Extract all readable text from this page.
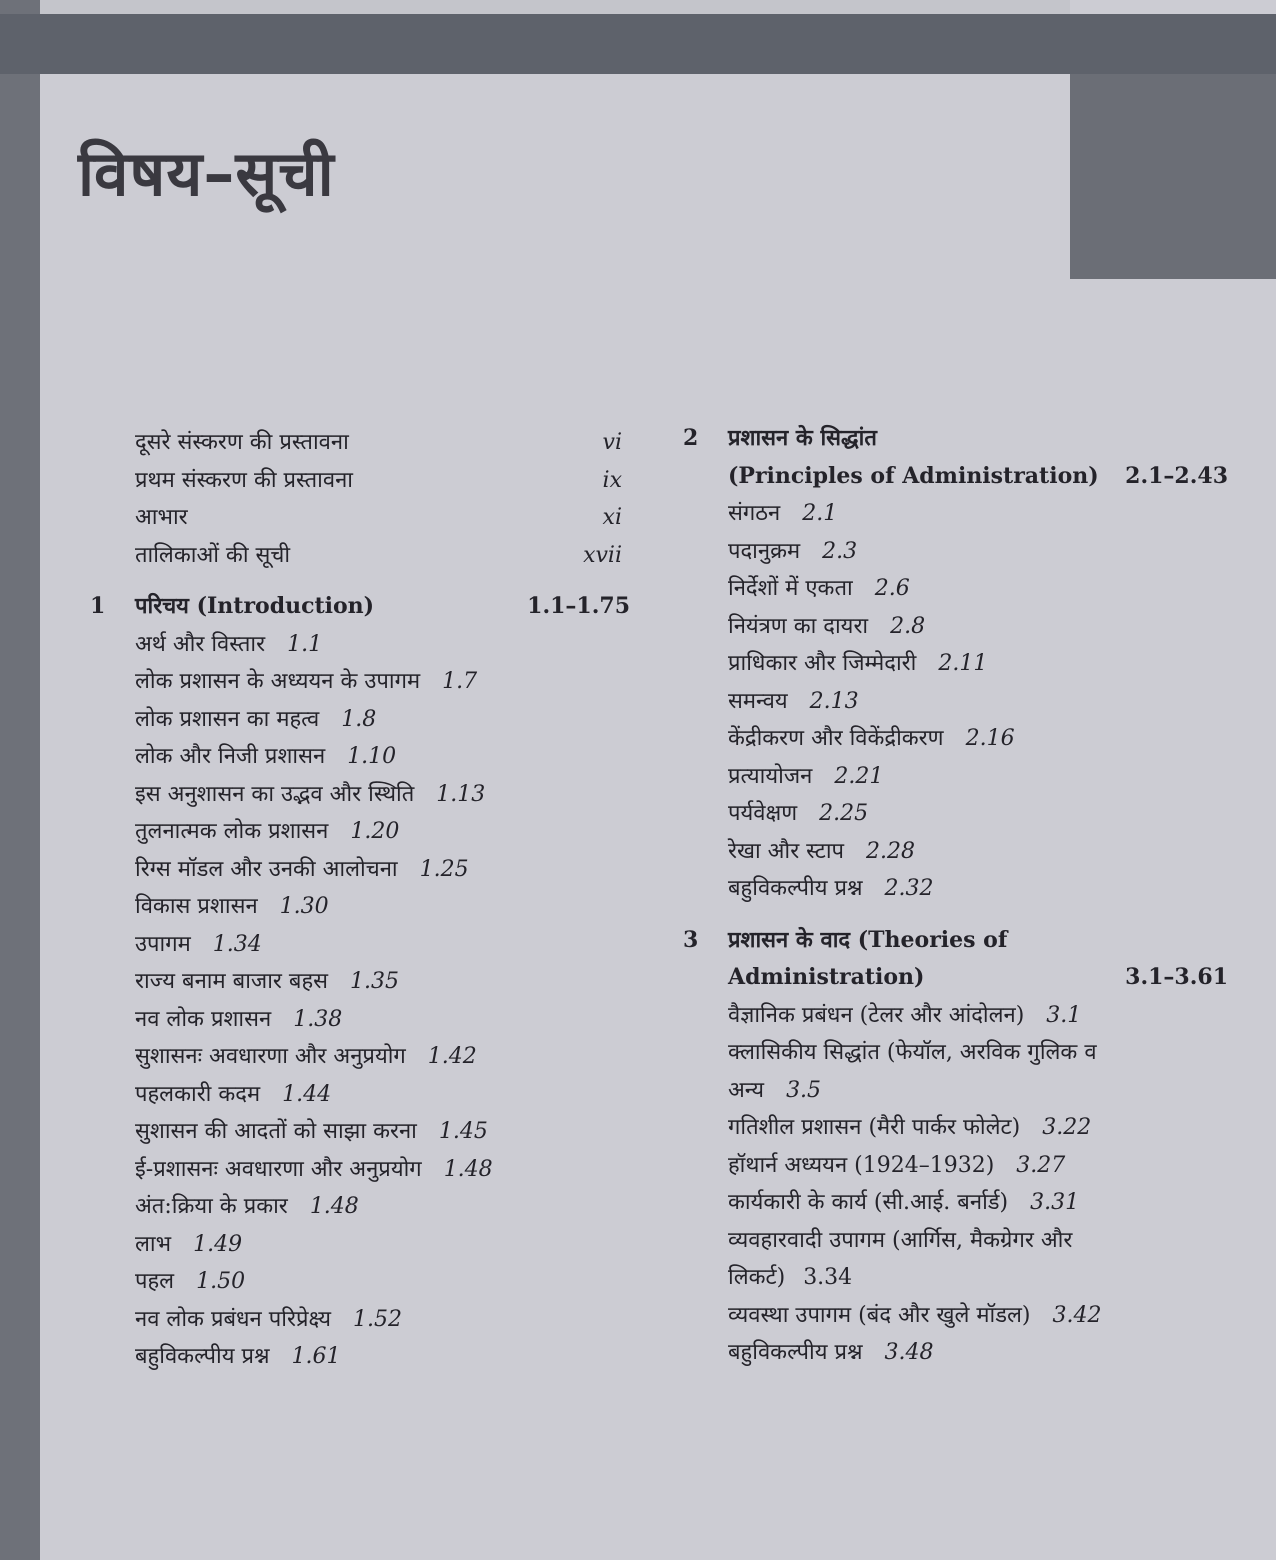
विषय–सूची
दूसरे संस्करण की प्रस्तावना	vi
प्रथम संस्करण की प्रस्तावना	ix
आभार	xi
तालिकाओं की सूची	xvii
1 परिचय (Introduction)	1.1–1.75
अर्थ और विस्तार 1.1
लोक प्रशासन के अध्ययन के उपागम 1.7
लोक प्रशासन का महत्व 1.8
लोक और निजी प्रशासन 1.10
इस अनुशासन का उद्भव और स्थिति 1.13
तुलनात्मक लोक प्रशासन 1.20
रिग्स मॉडल और उनकी आलोचना 1.25
विकास प्रशासन 1.30
उपागम 1.34
राज्य बनाम बाजार बहस 1.35
नव लोक प्रशासन 1.38
सुशासनः अवधारणा और अनुप्रयोग 1.42
पहलकारी कदम 1.44
सुशासन की आदतों को साझा करना 1.45
ई-प्रशासनः अवधारणा और अनुप्रयोग 1.48
अंत:क्रिया के प्रकार 1.48
लाभ 1.49
पहल 1.50
नव लोक प्रबंधन परिप्रेक्ष्य 1.52
बहुविकल्पीय प्रश्न 1.61
2 प्रशासन के सिद्धांत
(Principles of Administration) 2.1–2.43
संगठन 2.1
पदानुक्रम 2.3
निर्देशों में एकता 2.6
नियंत्रण का दायरा 2.8
प्राधिकार और जिम्मेदारी 2.11
समन्वय 2.13
केंद्रीकरण और विकेंद्रीकरण 2.16
प्रत्यायोजन 2.21
पर्यवेक्षण 2.25
रेखा और स्टाप 2.28
बहुविकल्पीय प्रश्न 2.32
3 प्रशासन के वाद (Theories of
Administration)	3.1–3.61
वैज्ञानिक प्रबंधन (टेलर और आंदोलन) 3.1
क्लासिकीय सिद्धांत (फेयॉल, अरविक गुलिक व
अन्य 3.5
गतिशील प्रशासन (मैरी पार्कर फोलेट) 3.22
हॉथार्न अध्ययन (1924–1932) 3.27
कार्यकारी के कार्य (सी.आई. बर्नार्ड) 3.31
व्यवहारवादी उपागम (आर्गिस, मैकग्रेगर और
लिकर्ट) 3.34
व्यवस्था उपागम (बंद और खुले मॉडल) 3.42
बहुविकल्पीय प्रश्न 3.48
